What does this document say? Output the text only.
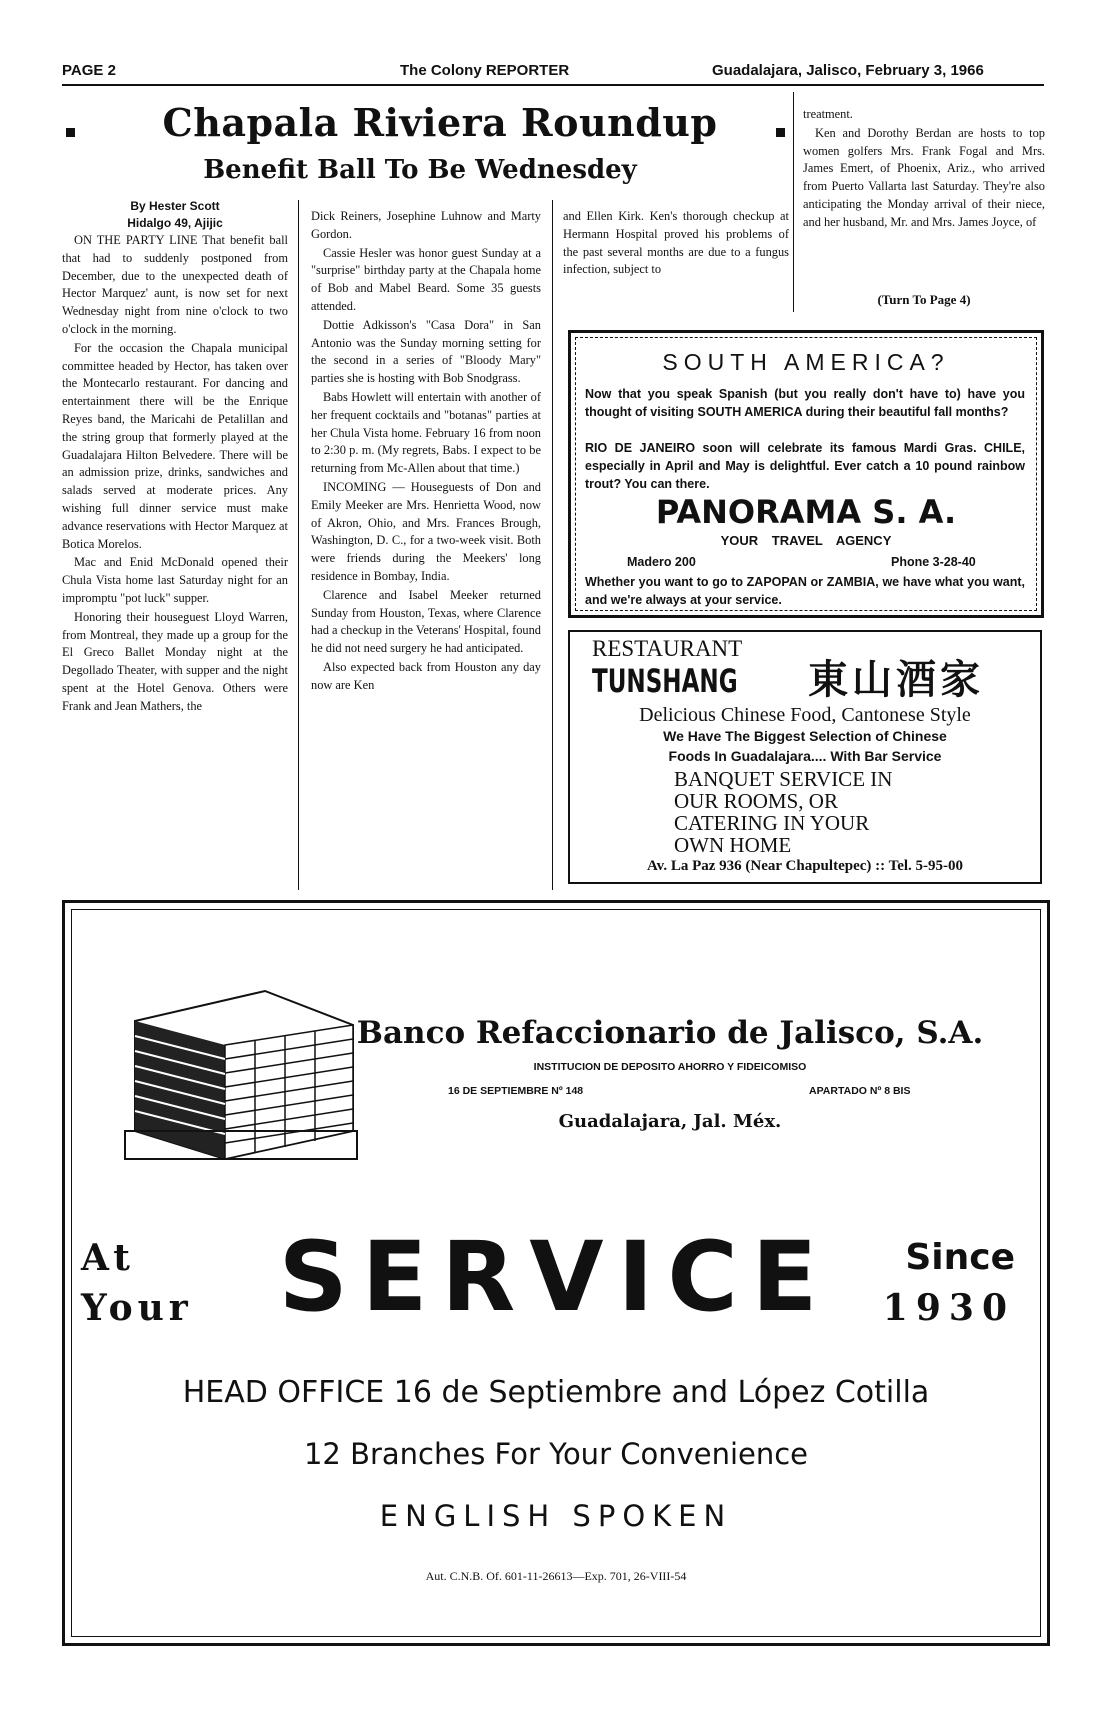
PAGE 2	The Colony REPORTER	Guadalajara, Jalisco, February 3, 1966
Chapala Riviera Roundup
Benefit Ball To Be Wednesdey
By Hester Scott
Hidalgo 49, Ajijic

ON THE PARTY LINE That benefit ball that had to suddenly postponed from December, due to the unexpected death of Hector Marquez' aunt, is now set for next Wednesday night from nine o'clock to two o'clock in the morning.

For the occasion the Chapala municipal committee headed by Hector, has taken over the Montecarlo restaurant. For dancing and entertainment there will be the Enrique Reyes band, the Maricahi de Petalillan and the string group that formerly played at the Guadalajara Hilton Belvedere. There will be an admission prize, drinks, sandwiches and salads served at moderate prices. Any wishing full dinner service must make advance reservations with Hector Marquez at Botica Morelos.

Mac and Enid McDonald opened their Chula Vista home last Saturday night for an impromptu "pot luck" supper.

Honoring their houseguest Lloyd Warren, from Montreal, they made up a group for the El Greco Ballet Monday night at the Degollado Theater, with supper and the night spent at the Hotel Genova. Others were Frank and Jean Mathers, the

Dick Reiners, Josephine Luhnow and Marty Gordon.

Cassie Hesler was honor guest Sunday at a "surprise" birthday party at the Chapala home of Bob and Mabel Beard. Some 35 guests attended.

Dottie Adkisson's "Casa Dora" in San Antonio was the Sunday morning setting for the second in a series of "Bloody Mary" parties she is hosting with Bob Snodgrass.

Babs Howlett will entertain with another of her frequent cocktails and "botanas" parties at her Chula Vista home. February 16 from noon to 2:30 p. m. (My regrets, Babs. I expect to be returning from Mc-Allen about that time.)

INCOMING — Houseguests of Don and Emily Meeker are Mrs. Henrietta Wood, now of Akron, Ohio, and Mrs. Frances Brough, Washington, D. C., for a two-week visit. Both were friends during the Meekers' long residence in Bombay, India.

Clarence and Isabel Meeker returned Sunday from Houston, Texas, where Clarence had a checkup in the Veterans' Hospital, found he did not need surgery he had anticipated.

Also expected back from Houston any day now are Ken

and Ellen Kirk. Ken's thorough checkup at Hermann Hospital proved his problems of the past several months are due to a fungus infection, subject to

treatment.

Ken and Dorothy Berdan are hosts to top women golfers Mrs. Frank Fogal and Mrs. James Emert, of Phoenix, Ariz., who arrived from Puerto Vallarta last Saturday. They're also anticipating the Monday arrival of their niece, and her husband, Mr. and Mrs. James Joyce, of

(Turn To Page 4)
SOUTH AMERICA?
Now that you speak Spanish (but you really don't have to) have you thought of visiting SOUTH AMERICA during their beautiful fall months?
RIO DE JANEIRO soon will celebrate its famous Mardi Gras. CHILE, especially in April and May is delightful. Ever catch a 10 pound rainbow trout? You can there.
PANORAMA S. A.
YOUR TRAVEL AGENCY
Madero 200	Phone 3-28-40
Whether you want to go to ZAPOPAN or ZAMBIA, we have what you want, and we're always at your service.
RESTAURANT
TUNSHANG 東山酒家
Delicious Chinese Food, Cantonese Style
We Have The Biggest Selection of Chinese
Foods In Guadalajara.... With Bar Service
BANQUET SERVICE IN
OUR ROOMS, OR
CATERING IN YOUR
OWN HOME
Av. La Paz 936 (Near Chapultepec) :: Tel. 5-95-00
Banco Refaccionario de Jalisco, S.A.
INSTITUCION DE DEPOSITO AHORRO Y FIDEICOMISO
16 DE SEPTIEMBRE Nº 148	APARTADO Nº 8 BIS
Guadalajara, Jal. Méx.
At
Your SERVICE	Since
1930
HEAD OFFICE 16 de Septiembre and López Cotilla
12 Branches For Your Convenience
ENGLISH SPOKEN
Aut. C.N.B. Of. 601-11-26613—Exp. 701, 26-VIII-54
